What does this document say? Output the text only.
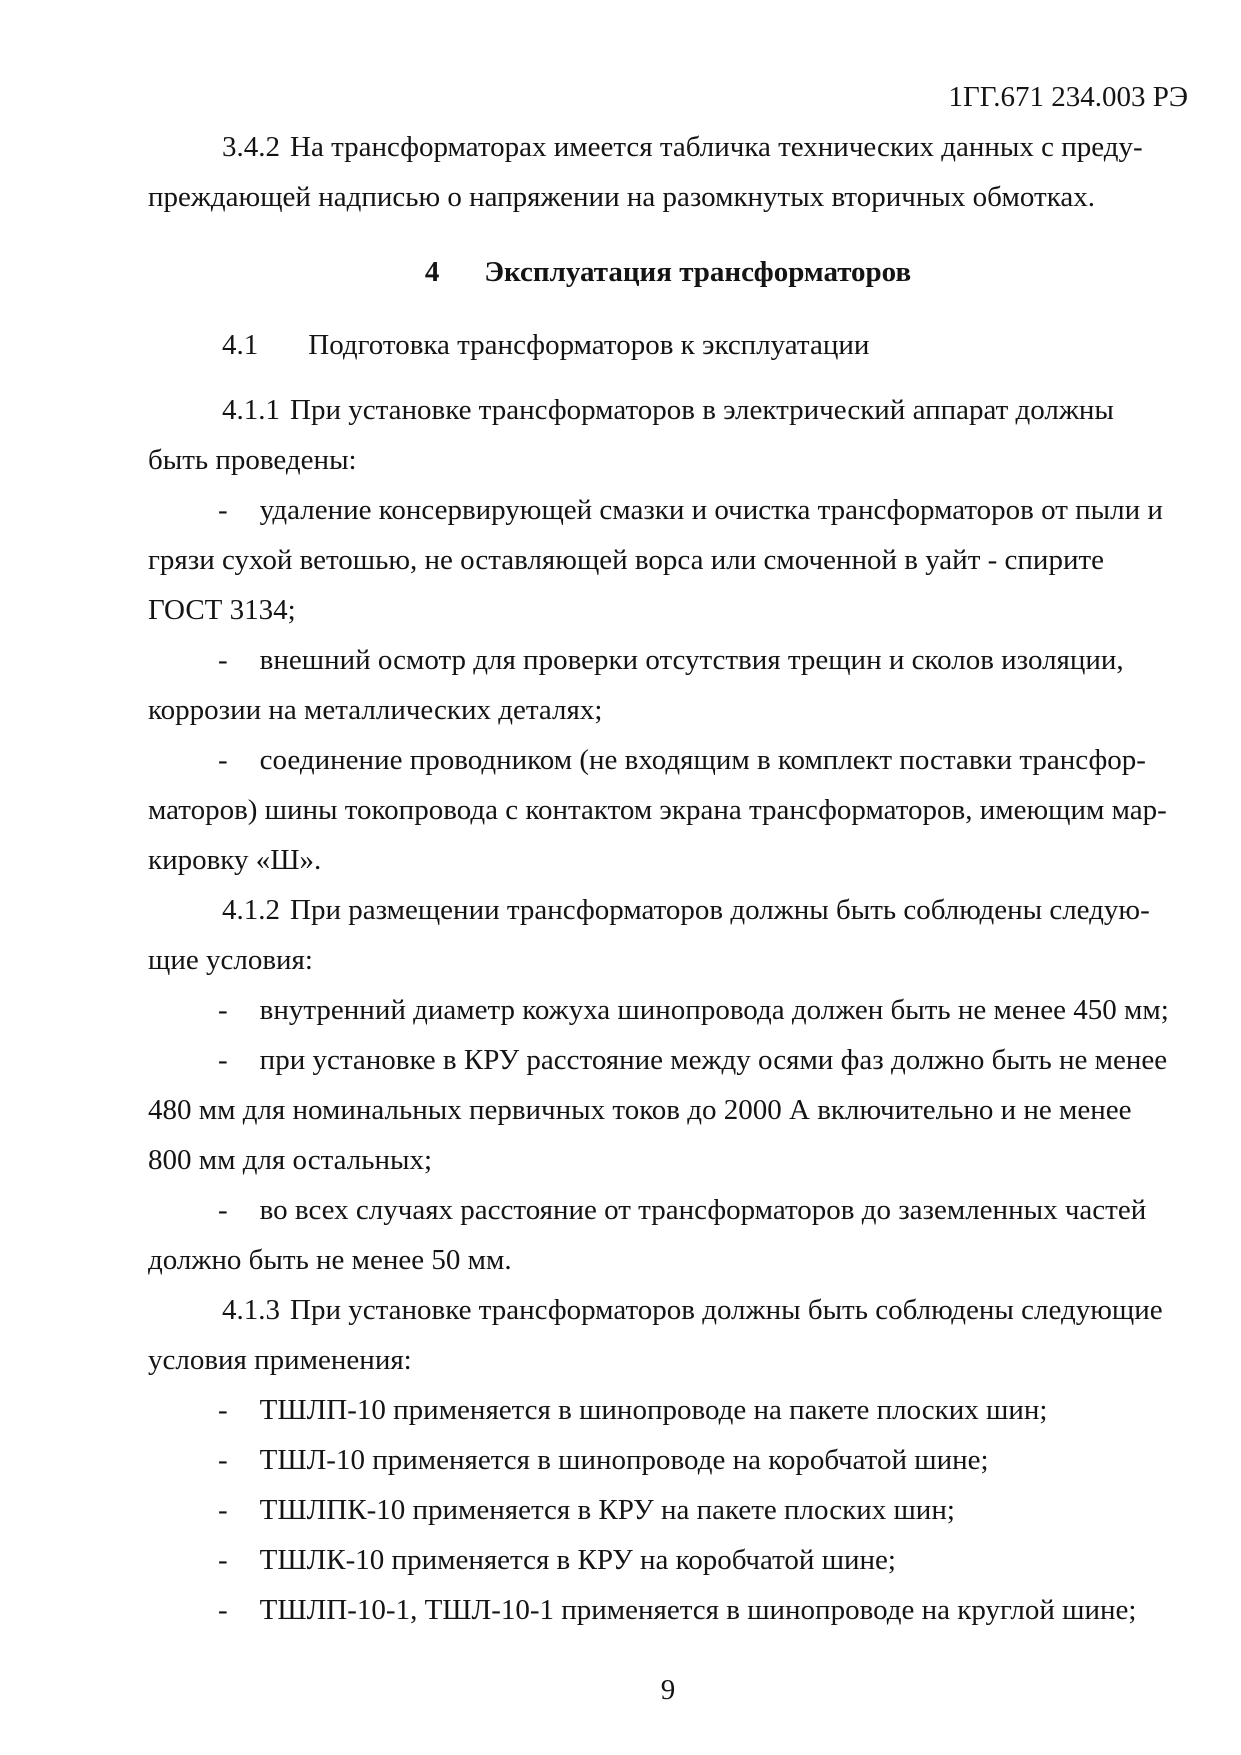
1ГГ.671 234.003 РЭ
3.4.2 На трансформаторах имеется табличка технических данных с преду-
преждающей надписью о напряжении на разомкнутых вторичных обмотках.
4 Эксплуатация трансформаторов
4.1 Подготовка трансформаторов к эксплуатации
4.1.1 При установке трансформаторов в электрический аппарат должны
быть проведены:
- удаление консервирующей смазки и очистка трансформаторов от пыли и
грязи сухой ветошью, не оставляющей ворса или смоченной в уайт - спирите
ГОСТ 3134;
- внешний осмотр для проверки отсутствия трещин и сколов изоляции,
коррозии на металлических деталях;
- соединение проводником (не входящим в комплект поставки трансфор-
маторов) шины токопровода с контактом экрана трансформаторов, имеющим мар-
кировку «Ш».
4.1.2 При размещении трансформаторов должны быть соблюдены следую-
щие условия:
- внутренний диаметр кожуха шинопровода должен быть не менее 450 мм;
- при установке в КРУ расстояние между осями фаз должно быть не менее
480 мм для номинальных первичных токов до 2000 А включительно и не менее
800 мм для остальных;
- во всех случаях расстояние от трансформаторов до заземленных частей
должно быть не менее 50 мм.
4.1.3 При установке трансформаторов должны быть соблюдены следующие
условия применения:
- ТШЛП-10 применяется в шинопроводе на пакете плоских шин;
- ТШЛ-10 применяется в шинопроводе на коробчатой шине;
- ТШЛПК-10 применяется в КРУ на пакете плоских шин;
- ТШЛК-10 применяется в КРУ на коробчатой шине;
- ТШЛП-10-1, ТШЛ-10-1 применяется в шинопроводе на круглой шине;
9
